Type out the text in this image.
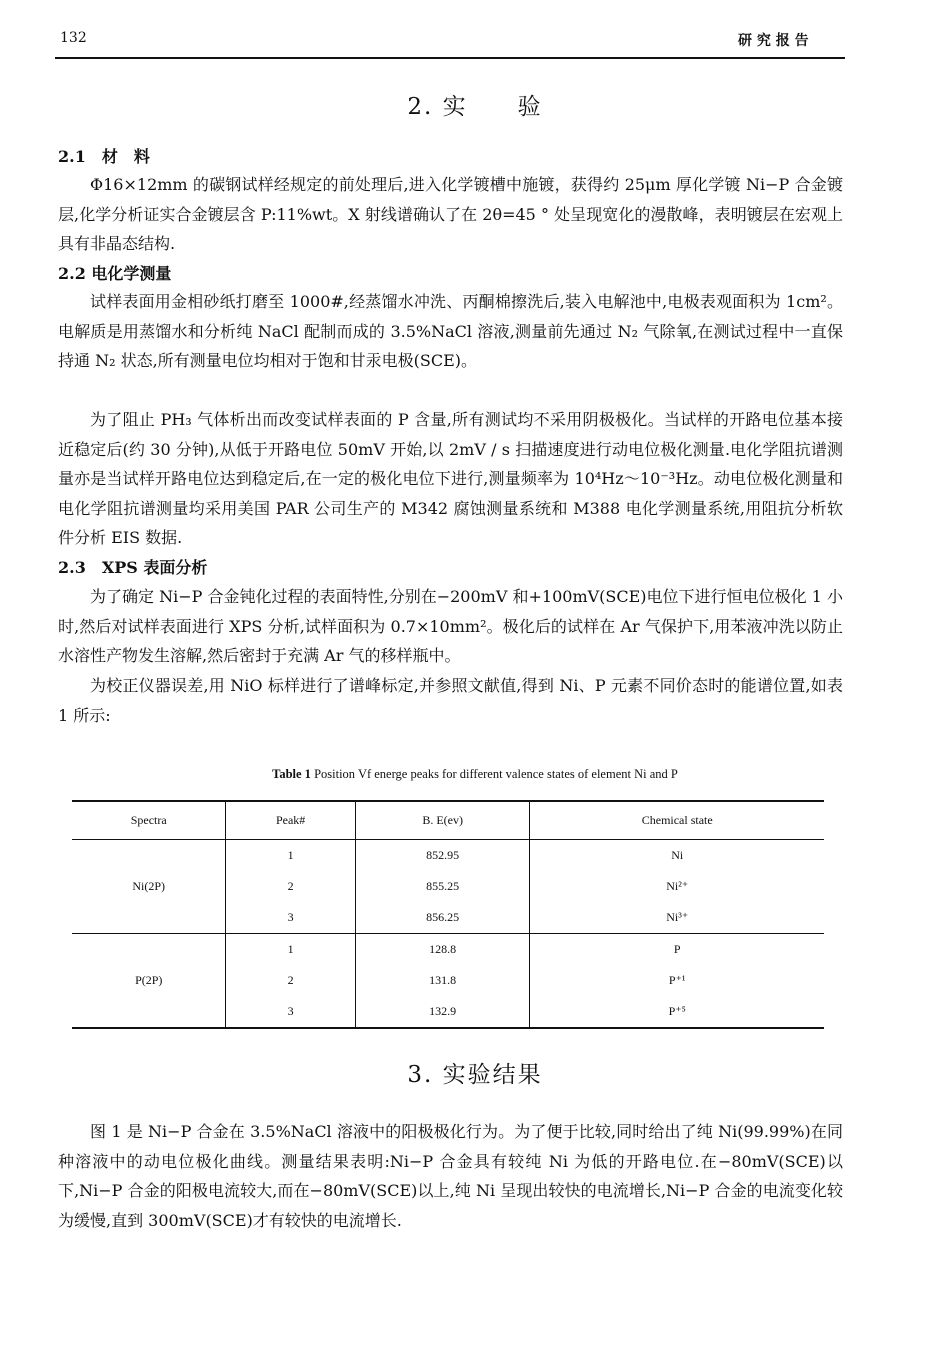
132	研 究 报 告
2. 实　　验
2.1　材　料
Φ16×12mm 的碳钢试样经规定的前处理后,进入化学镀槽中施镀，获得约 25μm 厚化学镀 Ni−P 合金镀层,化学分析证实合金镀层含 P:11%wt。X 射线谱确认了在 2θ=45 ° 处呈现宽化的漫散峰，表明镀层在宏观上具有非晶态结构.
2.2 电化学测量
试样表面用金相砂纸打磨至 1000#,经蒸馏水冲洗、丙酮棉擦洗后,装入电解池中,电极表观面积为 1cm²。电解质是用蒸馏水和分析纯 NaCl 配制而成的 3.5%NaCl 溶液,测量前先通过 N₂ 气除氧,在测试过程中一直保持通 N₂ 状态,所有测量电位均相对于饱和甘汞电极(SCE)。
为了阻止 PH₃ 气体析出而改变试样表面的 P 含量,所有测试均不采用阴极极化。当试样的开路电位基本接近稳定后(约 30 分钟),从低于开路电位 50mV 开始,以 2mV / s 扫描速度进行动电位极化测量.电化学阻抗谱测量亦是当试样开路电位达到稳定后,在一定的极化电位下进行,测量频率为 10⁴Hz～10⁻³Hz。动电位极化测量和电化学阻抗谱测量均采用美国 PAR 公司生产的 M342 腐蚀测量系统和 M388 电化学测量系统,用阻抗分析软件分析 EIS 数据.
2.3　XPS 表面分析
为了确定 Ni−P 合金钝化过程的表面特性,分别在−200mV 和+100mV(SCE)电位下进行恒电位极化 1 小时,然后对试样表面进行 XPS 分析,试样面积为 0.7×10mm²。极化后的试样在 Ar 气保护下,用苯液冲洗以防止水溶性产物发生溶解,然后密封于充满 Ar 气的移样瓶中。
为校正仪器误差,用 NiO 标样进行了谱峰标定,并参照文献值,得到 Ni、P 元素不同价态时的能谱位置,如表 1 所示:
Table 1 Position Vf energe peaks for different valence states of element Ni and P
Spectra	Peak#	B. E(ev)	Chemical state
Ni(2P)	1	852.95	Ni
	2	855.25	Ni²⁺
	3	856.25	Ni³⁺
P(2P)	1	128.8	P
	2	131.8	P⁺¹
	3	132.9	P⁺⁵
3. 实验结果
图 1 是 Ni−P 合金在 3.5%NaCl 溶液中的阳极极化行为。为了便于比较,同时给出了纯 Ni(99.99%)在同种溶液中的动电位极化曲线。测量结果表明:Ni−P 合金具有较纯 Ni 为低的开路电位.在−80mV(SCE)以下,Ni−P 合金的阳极电流较大,而在−80mV(SCE)以上,纯 Ni 呈现出较快的电流增长,Ni−P 合金的电流变化较为缓慢,直到 300mV(SCE)才有较快的电流增长.
